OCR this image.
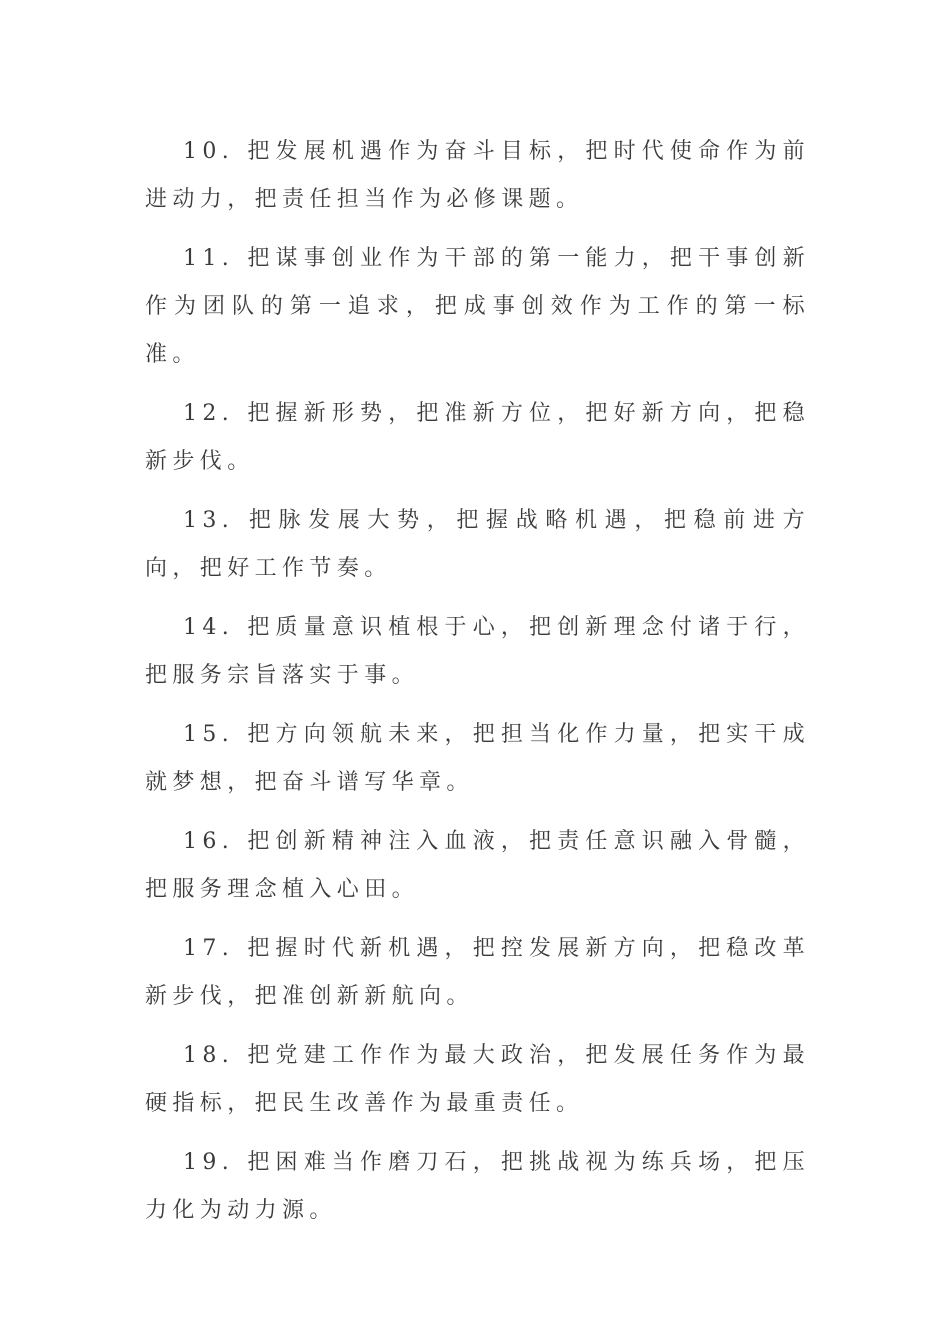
10. 把发展机遇作为奋斗目标，把时代使命作为前进动力，把责任担当作为必修课题。

11. 把谋事创业作为干部的第一能力，把干事创新作为团队的第一追求，把成事创效作为工作的第一标准。

12. 把握新形势，把准新方位，把好新方向，把稳新步伐。

13. 把脉发展大势，把握战略机遇，把稳前进方向，把好工作节奏。

14. 把质量意识植根于心，把创新理念付诸于行，把服务宗旨落实于事。

15. 把方向领航未来，把担当化作力量，把实干成就梦想，把奋斗谱写华章。

16. 把创新精神注入血液，把责任意识融入骨髓，把服务理念植入心田。

17. 把握时代新机遇，把控发展新方向，把稳改革新步伐，把准创新新航向。

18. 把党建工作作为最大政治，把发展任务作为最硬指标，把民生改善作为最重责任。

19. 把困难当作磨刀石，把挑战视为练兵场，把压力化为动力源。
